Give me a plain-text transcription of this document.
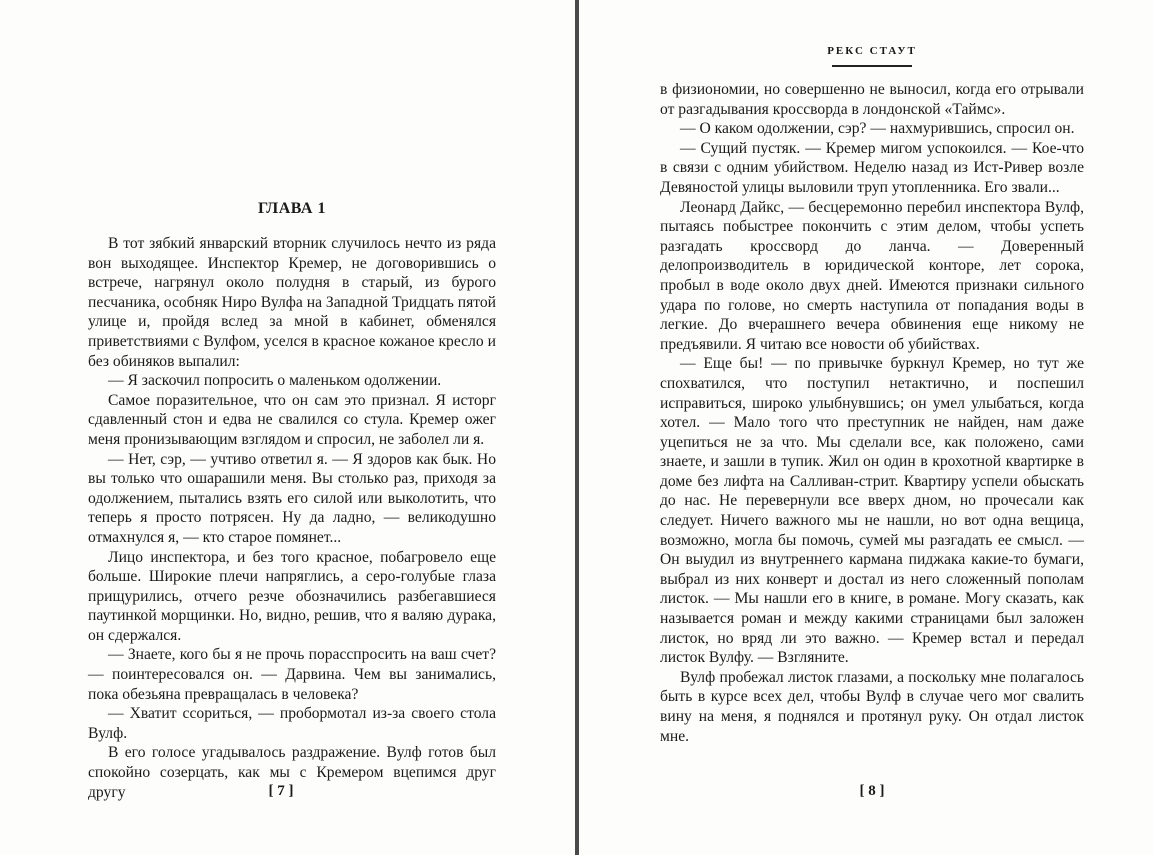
ГЛАВА 1

В тот зябкий январский вторник случилось нечто из ряда вон выходящее. Инспектор Кремер, не договорившись о встрече, нагрянул около полудня в старый, из бурого песчаника, особняк Ниро Вулфа на Западной Тридцать пятой улице и, пройдя вслед за мной в кабинет, обменялся приветствиями с Вулфом, уселся в красное кожаное кресло и без обиняков выпалил:

— Я заскочил попросить о маленьком одолжении.

Самое поразительное, что он сам это признал. Я исторг сдавленный стон и едва не свалился со стула. Кремер ожег меня пронизывающим взглядом и спросил, не заболел ли я.

— Нет, сэр, — учтиво ответил я. — Я здоров как бык. Но вы только что ошарашили меня. Вы столько раз, приходя за одолжением, пытались взять его силой или выколотить, что теперь я просто потрясен. Ну да ладно, — великодушно отмахнулся я, — кто старое помянет...

Лицо инспектора, и без того красное, побагровело еще больше. Широкие плечи напряглись, а серо-голубые глаза прищурились, отчего резче обозначились разбегавшиеся паутинкой морщинки. Но, видно, решив, что я валяю дурака, он сдержался.

— Знаете, кого бы я не прочь порасспросить на ваш счет? — поинтересовался он. — Дарвина. Чем вы занимались, пока обезьяна превращалась в человека?

— Хватит ссориться, — пробормотал из-за своего стола Вулф.

В его голосе угадывалось раздражение. Вулф готов был спокойно созерцать, как мы с Кремером вцепимся друг другу	[ 7 ]
РЕКС СТАУТ

в физиономии, но совершенно не выносил, когда его отрывали от разгадывания кроссворда в лондонской «Таймс».

— О каком одолжении, сэр? — нахмурившись, спросил он.

— Сущий пустяк. — Кремер мигом успокоился. — Кое-что в связи с одним убийством. Неделю назад из Ист-Ривер возле Девяностой улицы выловили труп утопленника. Его звали...

Леонард Дайкс, — бесцеремонно перебил инспектора Вулф, пытаясь побыстрее покончить с этим делом, чтобы успеть разгадать кроссворд до ланча. — Доверенный делопроизводитель в юридической конторе, лет сорока, пробыл в воде около двух дней. Имеются признаки сильного удара по голове, но смерть наступила от попадания воды в легкие. До вчерашнего вечера обвинения еще никому не предъявили. Я читаю все новости об убийствах.

— Еще бы! — по привычке буркнул Кремер, но тут же спохватился, что поступил нетактично, и поспешил исправиться, широко улыбнувшись; он умел улыбаться, когда хотел. — Мало того что преступник не найден, нам даже уцепиться не за что. Мы сделали все, как положено, сами знаете, и зашли в тупик. Жил он один в крохотной квартирке в доме без лифта на Салливан-стрит. Квартиру успели обыскать до нас. Не перевернули все вверх дном, но прочесали как следует. Ничего важного мы не нашли, но вот одна вещица, возможно, могла бы помочь, сумей мы разгадать ее смысл. — Он выудил из внутреннего кармана пиджака какие-то бумаги, выбрал из них конверт и достал из него сложенный пополам листок. — Мы нашли его в книге, в романе. Могу сказать, как называется роман и между какими страницами был заложен листок, но вряд ли это важно. — Кремер встал и передал листок Вулфу. — Взгляните.

Вулф пробежал листок глазами, а поскольку мне полагалось быть в курсе всех дел, чтобы Вулф в случае чего мог свалить вину на меня, я поднялся и протянул руку. Он отдал листок мне.

[ 8 ]
